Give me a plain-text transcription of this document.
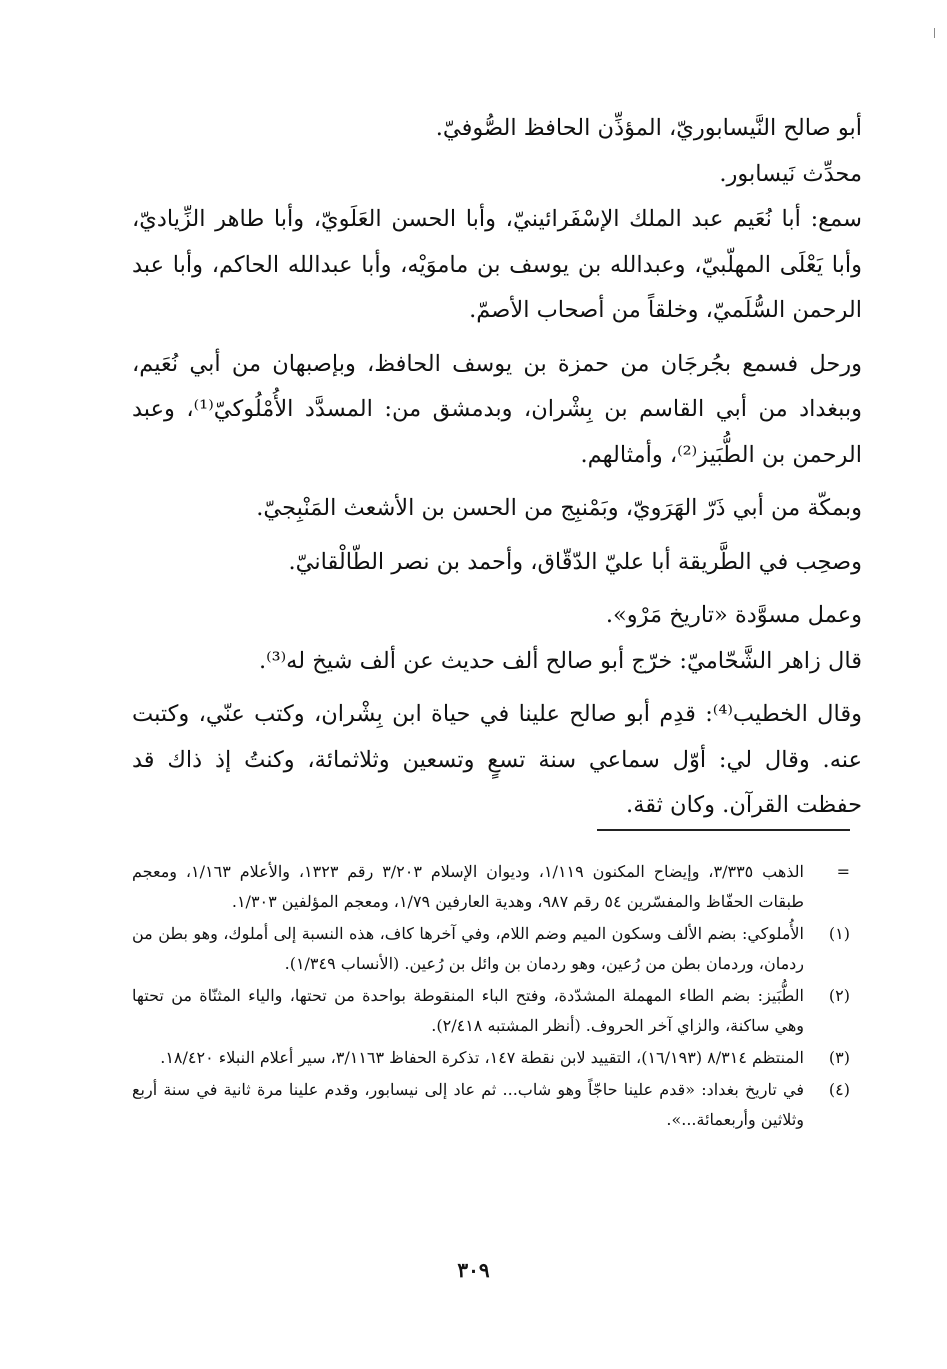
أبو صالح النَّيسابوريّ، المؤذِّن الحافظ الصُّوفيّ.

محدِّث نَيسابور.

سمع: أبا نُعَيم عبد الملك الإسْفَرائينيّ، وأبا الحسن العَلَويّ، وأبا طاهر الزِّياديّ، وأبا يَعْلَى المهلّبيّ، وعبدالله بن يوسف بن ماموَيْه، وأبا عبدالله الحاكم، وأبا عبد الرحمن السُّلَميّ، وخلقاً من أصحاب الأصمّ.

ورحل فسمع بجُرجَان من حمزة بن يوسف الحافظ، وبإصبهان من أبي نُعَيم، وببغداد من أبي القاسم بن بِشْران، وبدمشق من: المسدَّد الأُمْلُوكيّ⁽¹⁾، وعبد الرحمن بن الطُّبَيز⁽²⁾، وأمثالهم.

وبمكّة من أبي ذَرّ الهَرَويّ، وبَمْنبِج من الحسن بن الأشعث المَنْبِجيّ.

وصحِب في الطَّريقة أبا عليّ الدّقّاق، وأحمد بن نصر الطّالْقانيّ.

وعمل مسوَّدة «تاريخ مَرْو».

قال زاهر الشَّحّاميّ: خرّج أبو صالح ألف حديث عن ألف شيخ له⁽³⁾.

وقال الخطيب⁽⁴⁾: قدِم أبو صالح علينا في حياة ابن بِشْران، وكتب عنّي، وكتبت عنه. وقال لي: أوّل سماعي سنة تسعٍ وتسعين وثلاثمائة، وكنتُ إذ ذاك قد حفظت القرآن. وكان ثقة.

=
الذهب ٣/٣٣٥، وإيضاح المكنون ١/١١٩، وديوان الإسلام ٣/٢٠٣ رقم ١٣٢٣، والأعلام ١/١٦٣، ومعجم طبقات الحفّاظ والمفسّرين ٥٤ رقم ٩٨٧، وهدية العارفين ١/٧٩، ومعجم المؤلفين ١/٣٠٣.
(١)
الأُملوكي: بضم الألف وسكون الميم وضم اللام، وفي آخرها كاف، هذه النسبة إلى أملوك، وهو بطن من ردمان، وردمان بطن من رُعين، وهو ردمان بن وائل بن رُعين. (الأنساب ١/٣٤٩).
(٢)
الطُّبَيز: بضم الطاء المهملة المشدّدة، وفتح الباء المنقوطة بواحدة من تحتها، والياء المثنّاة من تحتها وهي ساكنة، والزاي آخر الحروف. (أنظر المشتبه ٢/٤١٨).
(٣)
المنتظم ٨/٣١٤ (١٦/١٩٣)، التقييد لابن نقطة ١٤٧، تذكرة الحفاظ ٣/١١٦٣، سير أعلام النبلاء ١٨/٤٢٠.
(٤)
في تاريخ بغداد: «قدم علينا حاجّاً وهو شاب... ثم عاد إلى نيسابور، وقدم علينا مرة ثانية في سنة أربع وثلاثين وأربعمائة...».
٣٠٩
